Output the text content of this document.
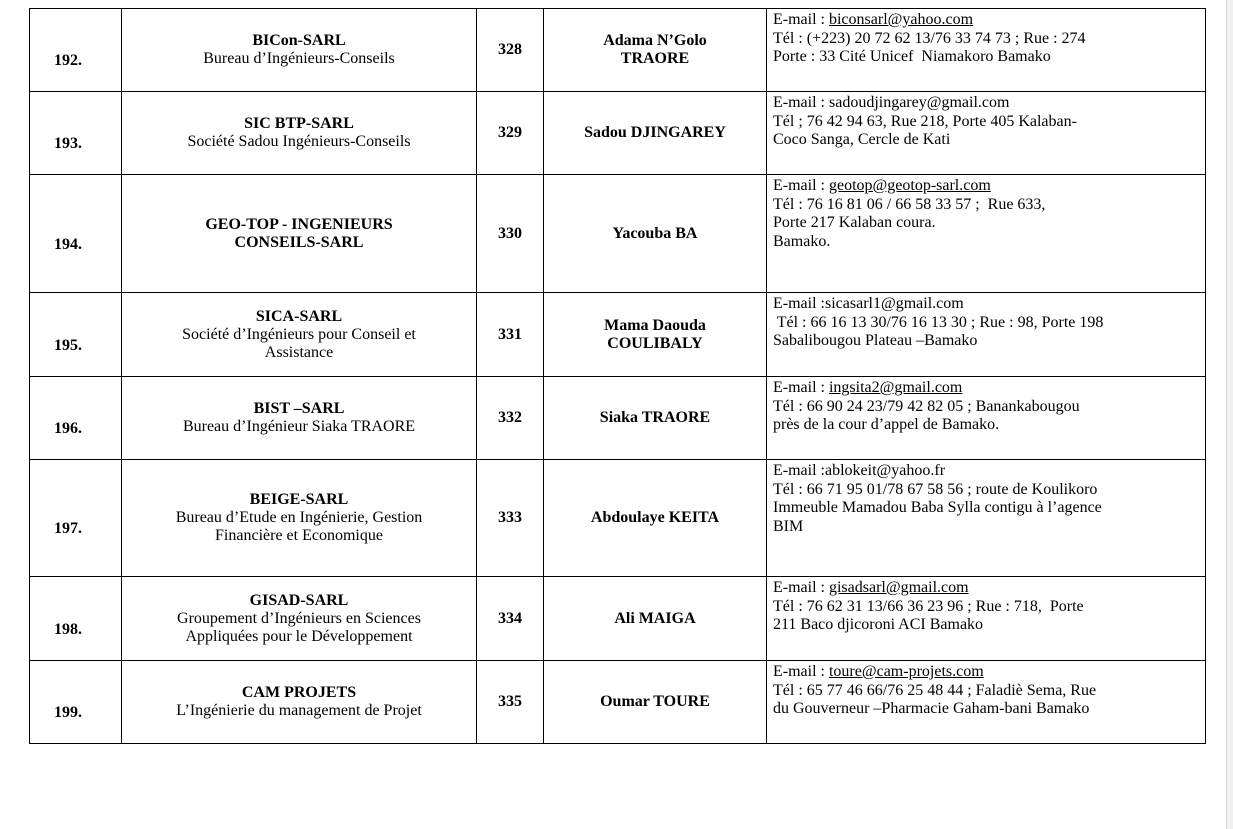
192.	BICon-SARL
Bureau d’Ingénieurs-Conseils	328	Adama N’Golo
TRAORE	E-mail : biconsarl@yahoo.com
Tél : (+223) 20 72 62 13/76 33 74 73 ; Rue : 274
Porte : 33 Cité Unicef  Niamakoro Bamako

193.	SIC BTP-SARL
Société Sadou Ingénieurs-Conseils	329	Sadou DJINGAREY	E-mail : sadoudjingarey@gmail.com
Tél ; 76 42 94 63, Rue 218, Porte 405 Kalaban-
Coco Sanga, Cercle de Kati

194.	GEO-TOP - INGENIEURS
CONSEILS-SARL	330	Yacouba BA	E-mail : geotop@geotop-sarl.com
Tél : 76 16 81 06 / 66 58 33 57 ;  Rue 633,
Porte 217 Kalaban coura.
Bamako.

195.	SICA-SARL
Société d’Ingénieurs pour Conseil et
Assistance	331	Mama Daouda
COULIBALY	E-mail :sicasarl1@gmail.com
Tél : 66 16 13 30/76 16 13 30 ; Rue : 98, Porte 198
Sabalibougou Plateau –Bamako

196.	BIST –SARL
Bureau d’Ingénieur Siaka TRAORE	332	Siaka TRAORE	E-mail : ingsita2@gmail.com
Tél : 66 90 24 23/79 42 82 05 ; Banankabougou
près de la cour d’appel de Bamako.

197.	BEIGE-SARL
Bureau d’Etude en Ingénierie, Gestion
Financière et Economique	333	Abdoulaye KEITA	E-mail :ablokeit@yahoo.fr
Tél : 66 71 95 01/78 67 58 56 ; route de Koulikoro
Immeuble Mamadou Baba Sylla contigu à l’agence
BIM

198.	GISAD-SARL
Groupement d’Ingénieurs en Sciences
Appliquées pour le Développement	334	Ali MAIGA	E-mail : gisadsarl@gmail.com
Tél : 76 62 31 13/66 36 23 96 ; Rue : 718,  Porte
211 Baco djicoroni ACI Bamako

199.	CAM PROJETS
L’Ingénierie du management de Projet	335	Oumar TOURE	E-mail : toure@cam-projets.com
Tél : 65 77 46 66/76 25 48 44 ; Faladiè Sema, Rue
du Gouverneur –Pharmacie Gaham-bani Bamako
